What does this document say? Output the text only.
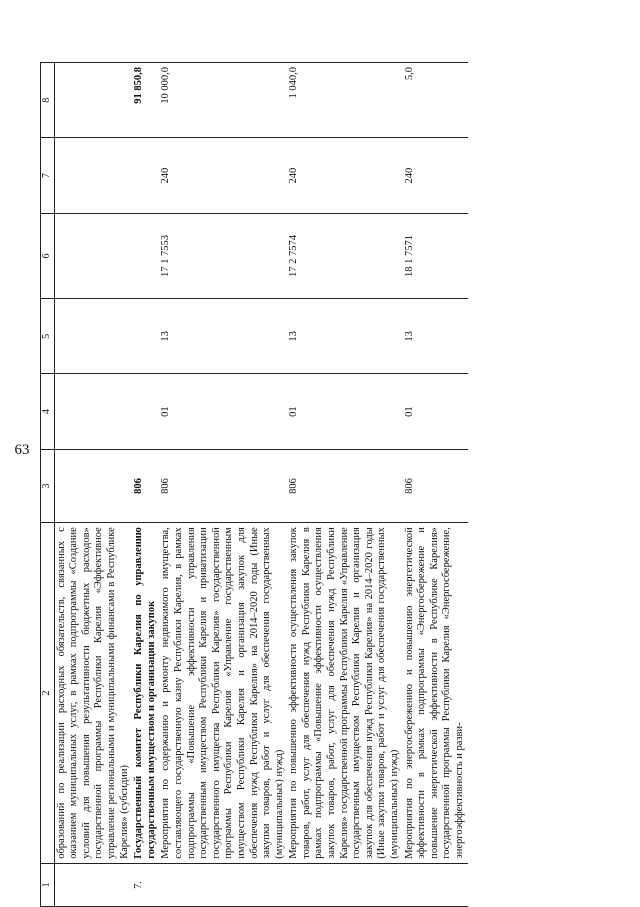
63
1	2	3	4	5	6	7	8
	образований по реализации расходных обязательств, связанных с оказанием муниципальных услуг, в рамках подпрограммы «Создание условий для повышения результативности бюджетных расходов» государственной программы Республики Карелия «Эффективное управление региональными и муниципальными финансами в Республике Карелия» (субсидии)						
7.	Государственный комитет Республики Карелия по управлению государственным имуществом и организации закупок	806					91 850,8
	Мероприятия по содержанию и ремонту недвижимого имущества, составляющего государственную казну Республики Карелия, в рамках подпрограммы «Повышение эффективности управления государственным имуществом Республики Карелия и приватизации государственного имущества Республики Карелия» государственной программы Республики Карелия «Управление государственным имуществом Республики Карелия и организация закупок для обеспечения нужд Республики Карелия» на 2014–2020 годы (Иные закупки товаров, работ и услуг для обеспечения государственных (муниципальных) нужд)	806	01	13	17 1 7553	240	10 000,0
	Мероприятия по повышению эффективности осуществления закупок товаров, работ, услуг для обеспечения нужд Республики Карелия в рамках подпрограммы «Повышение эффективности осуществления закупок товаров, работ, услуг для обеспечения нужд Республики Карелия» государственной программы Республики Карелия «Управление государственным имуществом Республики Карелия и организация закупок для обеспечения нужд Республики Карелия» на 2014–2020 годы (Иные закупки товаров, работ и услуг для обеспечения государственных (муниципальных) нужд)	806	01	13	17 2 7574	240	1 040,0
	Мероприятия по энергосбережению и повышению энергетической эффективности в рамках подпрограммы «Энергосбережение и повышение энергетической эффективности в Республике Карелия» государственной программы Республики Карелия «Энергосбережение, энергоэффективность и разви-	806	01	13	18 1 7571	240	5,0
